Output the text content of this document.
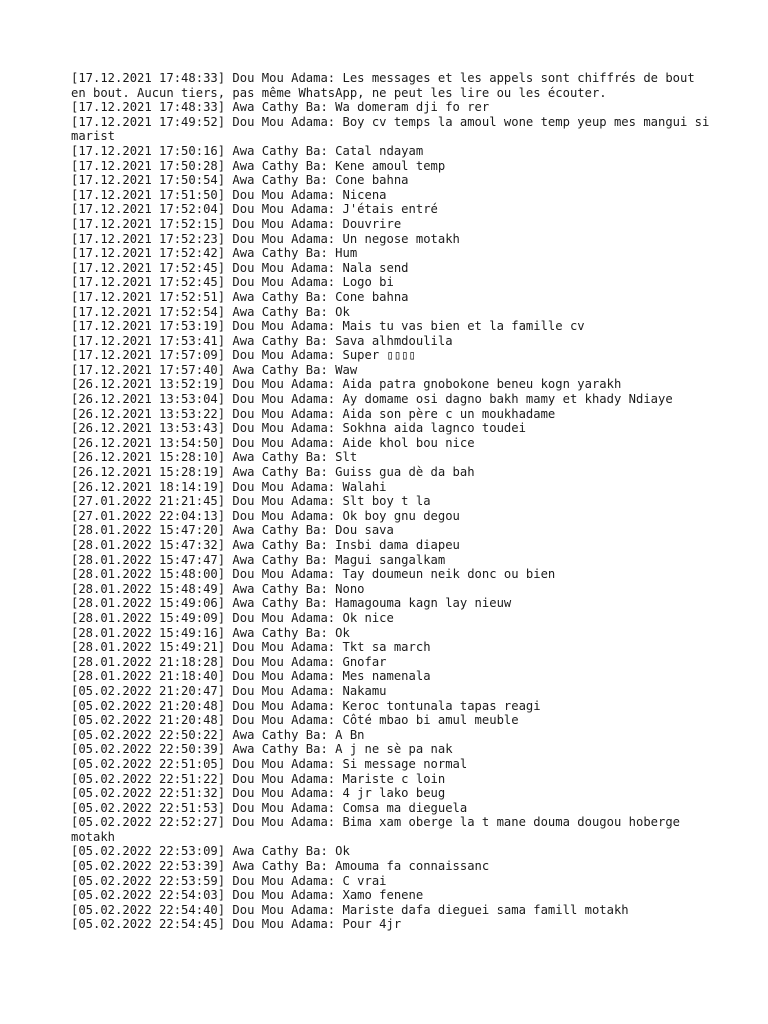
[17.12.2021 17:48:33] Dou Mou Adama: Les messages et les appels sont chiffrés de bout en bout. Aucun tiers, pas même WhatsApp, ne peut les lire ou les écouter.
[17.12.2021 17:48:33] Awa Cathy Ba: Wa domeram dji fo rer
[17.12.2021 17:49:52] Dou Mou Adama: Boy cv temps la amoul wone temp yeup mes mangui si marist
[17.12.2021 17:50:16] Awa Cathy Ba: Catal ndayam
[17.12.2021 17:50:28] Awa Cathy Ba: Kene amoul temp
[17.12.2021 17:50:54] Awa Cathy Ba: Cone bahna
[17.12.2021 17:51:50] Dou Mou Adama: Nicena
[17.12.2021 17:52:04] Dou Mou Adama: J'étais entré
[17.12.2021 17:52:15] Dou Mou Adama: Douvrire
[17.12.2021 17:52:23] Dou Mou Adama: Un negose motakh
[17.12.2021 17:52:42] Awa Cathy Ba: Hum
[17.12.2021 17:52:45] Dou Mou Adama: Nala send
[17.12.2021 17:52:45] Dou Mou Adama: Logo bi
[17.12.2021 17:52:51] Awa Cathy Ba: Cone bahna
[17.12.2021 17:52:54] Awa Cathy Ba: Ok
[17.12.2021 17:53:19] Dou Mou Adama: Mais tu vas bien et la famille cv
[17.12.2021 17:53:41] Awa Cathy Ba: Sava alhmdoulila
[17.12.2021 17:57:09] Dou Mou Adama: Super ▯▯▯▯
[17.12.2021 17:57:40] Awa Cathy Ba: Waw
[26.12.2021 13:52:19] Dou Mou Adama: Aida patra gnobokone beneu kogn yarakh
[26.12.2021 13:53:04] Dou Mou Adama: Ay domame osi dagno bakh mamy et khady Ndiaye
[26.12.2021 13:53:22] Dou Mou Adama: Aida son père c un moukhadame
[26.12.2021 13:53:43] Dou Mou Adama: Sokhna aida lagnco toudei
[26.12.2021 13:54:50] Dou Mou Adama: Aide khol bou nice
[26.12.2021 15:28:10] Awa Cathy Ba: Slt
[26.12.2021 15:28:19] Awa Cathy Ba: Guiss gua dè da bah
[26.12.2021 18:14:19] Dou Mou Adama: Walahi
[27.01.2022 21:21:45] Dou Mou Adama: Slt boy t la
[27.01.2022 22:04:13] Dou Mou Adama: Ok boy gnu degou
[28.01.2022 15:47:20] Awa Cathy Ba: Dou sava
[28.01.2022 15:47:32] Awa Cathy Ba: Insbi dama diapeu
[28.01.2022 15:47:47] Awa Cathy Ba: Magui sangalkam
[28.01.2022 15:48:00] Dou Mou Adama: Tay doumeun neik donc ou bien
[28.01.2022 15:48:49] Awa Cathy Ba: Nono
[28.01.2022 15:49:06] Awa Cathy Ba: Hamagouma kagn lay nieuw
[28.01.2022 15:49:09] Dou Mou Adama: Ok nice
[28.01.2022 15:49:16] Awa Cathy Ba: Ok
[28.01.2022 15:49:21] Dou Mou Adama: Tkt sa march
[28.01.2022 21:18:28] Dou Mou Adama: Gnofar
[28.01.2022 21:18:40] Dou Mou Adama: Mes namenala
[05.02.2022 21:20:47] Dou Mou Adama: Nakamu
[05.02.2022 21:20:48] Dou Mou Adama: Keroc tontunala tapas reagi
[05.02.2022 21:20:48] Dou Mou Adama: Côté mbao bi amul meuble
[05.02.2022 22:50:22] Awa Cathy Ba: A Bn
[05.02.2022 22:50:39] Awa Cathy Ba: A j ne sè pa nak
[05.02.2022 22:51:05] Dou Mou Adama: Si message normal
[05.02.2022 22:51:22] Dou Mou Adama: Mariste c loin
[05.02.2022 22:51:32] Dou Mou Adama: 4 jr lako beug
[05.02.2022 22:51:53] Dou Mou Adama: Comsa ma dieguela
[05.02.2022 22:52:27] Dou Mou Adama: Bima xam oberge la t mane douma dougou hoberge motakh
[05.02.2022 22:53:09] Awa Cathy Ba: Ok
[05.02.2022 22:53:39] Awa Cathy Ba: Amouma fa connaissanc
[05.02.2022 22:53:59] Dou Mou Adama: C vrai
[05.02.2022 22:54:03] Dou Mou Adama: Xamo fenene
[05.02.2022 22:54:40] Dou Mou Adama: Mariste dafa dieguei sama famill motakh
[05.02.2022 22:54:45] Dou Mou Adama: Pour 4jr
